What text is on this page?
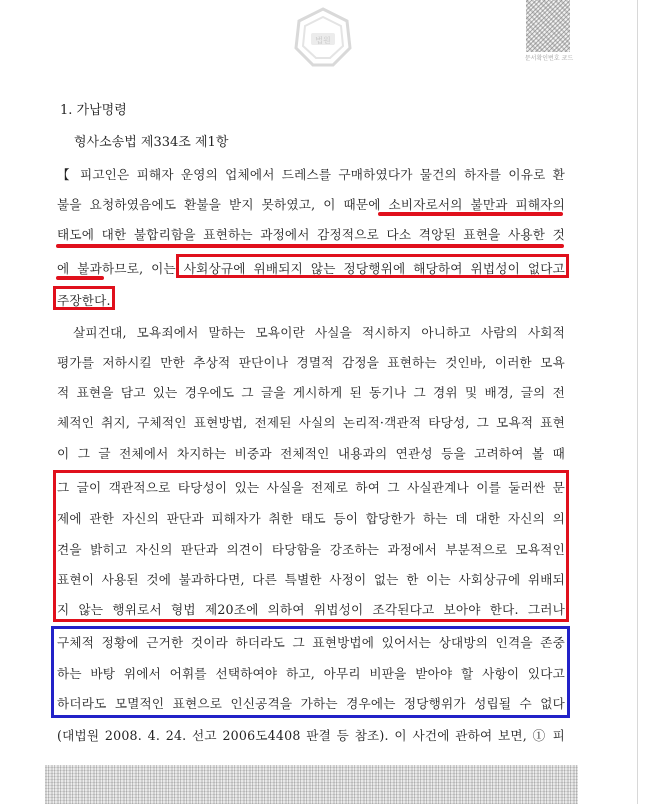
법원
문서확인번호 코드
1. 가납명령
형사소송법 제334조 제1항
【 피고인은 피해자 운영의 업체에서 드레스를 구매하였다가 물건의 하자를 이유로 환
불을 요청하였음에도 환불을 받지 못하였고, 이 때문에 소비자로서의 불만과 피해자의
태도에 대한 불합리함을 표현하는 과정에서 감정적으로 다소 격앙된 표현을 사용한 것
에 불과하므로, 이는 사회상규에 위배되지 않는 정당행위에 해당하여 위법성이 없다고
주장한다.
살피건대, 모욕죄에서 말하는 모욕이란 사실을 적시하지 아니하고 사람의 사회적
평가를 저하시킬 만한 추상적 판단이나 경멸적 감정을 표현하는 것인바, 이러한 모욕
적 표현을 담고 있는 경우에도 그 글을 게시하게 된 동기나 그 경위 및 배경, 글의 전
체적인 취지, 구체적인 표현방법, 전제된 사실의 논리적·객관적 타당성, 그 모욕적 표현
이 그 글 전체에서 차지하는 비중과 전체적인 내용과의 연관성 등을 고려하여 볼 때
그 글이 객관적으로 타당성이 있는 사실을 전제로 하여 그 사실관계나 이를 둘러싼 문
제에 관한 자신의 판단과 피해자가 취한 태도 등이 합당한가 하는 데 대한 자신의 의
견을 밝히고 자신의 판단과 의견이 타당함을 강조하는 과정에서 부분적으로 모욕적인
표현이 사용된 것에 불과하다면, 다른 특별한 사정이 없는 한 이는 사회상규에 위배되
지 않는 행위로서 형법 제20조에 의하여 위법성이 조각된다고 보아야 한다. 그러나
구체적 정황에 근거한 것이라 하더라도 그 표현방법에 있어서는 상대방의 인격을 존중
하는 바탕 위에서 어휘를 선택하여야 하고, 아무리 비판을 받아야 할 사항이 있다고
하더라도 모멸적인 표현으로 인신공격을 가하는 경우에는 정당행위가 성립될 수 없다
(대법원 2008. 4. 24. 선고 2006도4408 판결 등 참조). 이 사건에 관하여 보면, ① 피
